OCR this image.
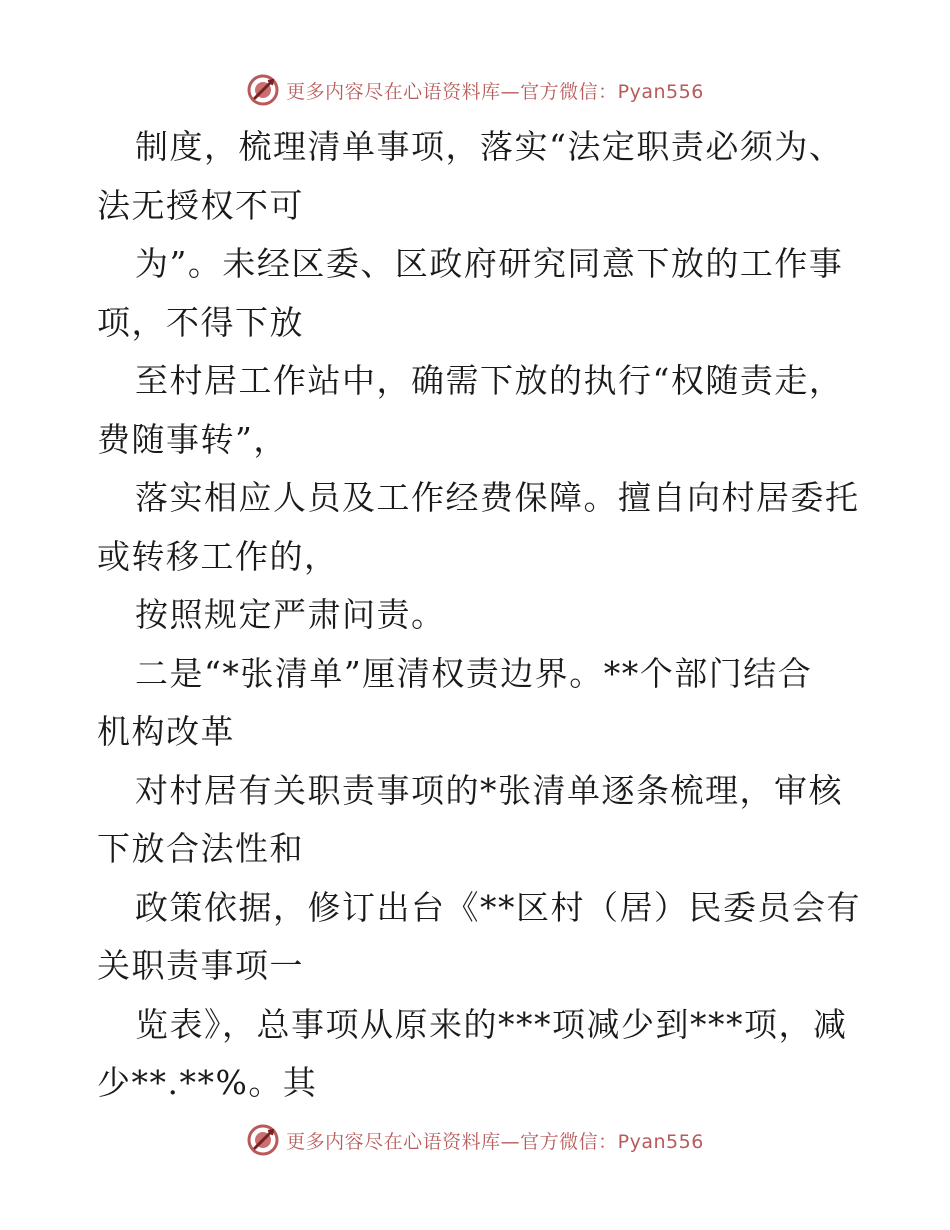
更多内容尽在心语资料库—官方微信：Pyan556
制度，梳理清单事项，落实“法定职责必须为、
法无授权不可
为”。未经区委、区政府研究同意下放的工作事
项，不得下放
至村居工作站中，确需下放的执行“权随责走，
费随事转”，
落实相应人员及工作经费保障。擅自向村居委托
或转移工作的，
按照规定严肃问责。
二是“*张清单”厘清权责边界。**个部门结合
机构改革
对村居有关职责事项的*张清单逐条梳理，审核
下放合法性和
政策依据，修订出台《**区村（居）民委员会有
关职责事项一
览表》，总事项从原来的***项减少到***项，减
少**.**%。其
更多内容尽在心语资料库—官方微信：Pyan556
